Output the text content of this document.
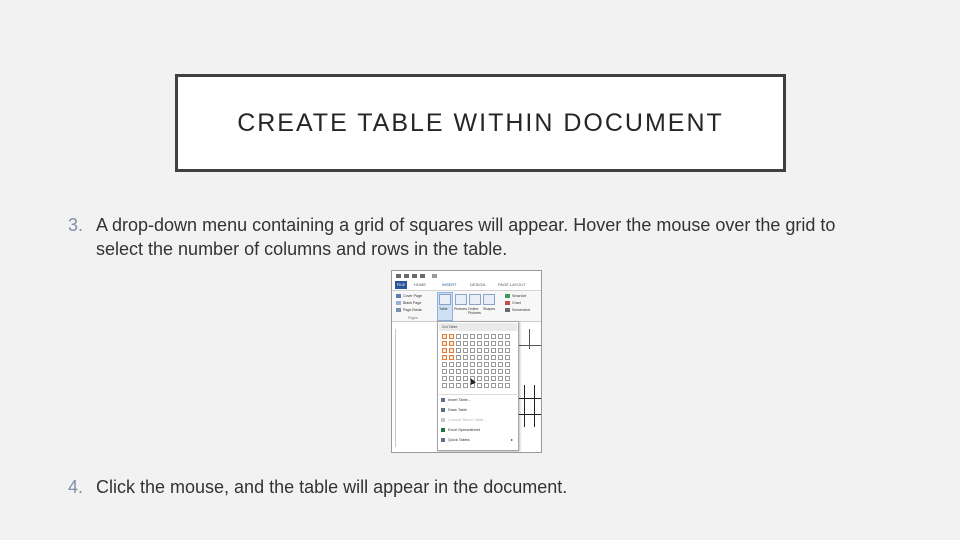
CREATE TABLE WITHIN DOCUMENT
3. A drop-down menu containing a grid of squares will appear. Hover the mouse over the grid to select the number of columns and rows in the table.
FILE	HOME	INSERT	DESIGN	PAGE LAYOUT
Cover Page
Blank Page
Page Break
Pages
Table Pictures Online Pictures
Shapes
SmartArt
Chart
Screenshot
2x4 Table
Insert Table...
Draw Table
Convert Text to Table...
Excel Spreadsheet
Quick Tables	▸
4. Click the mouse, and the table will appear in the document.
